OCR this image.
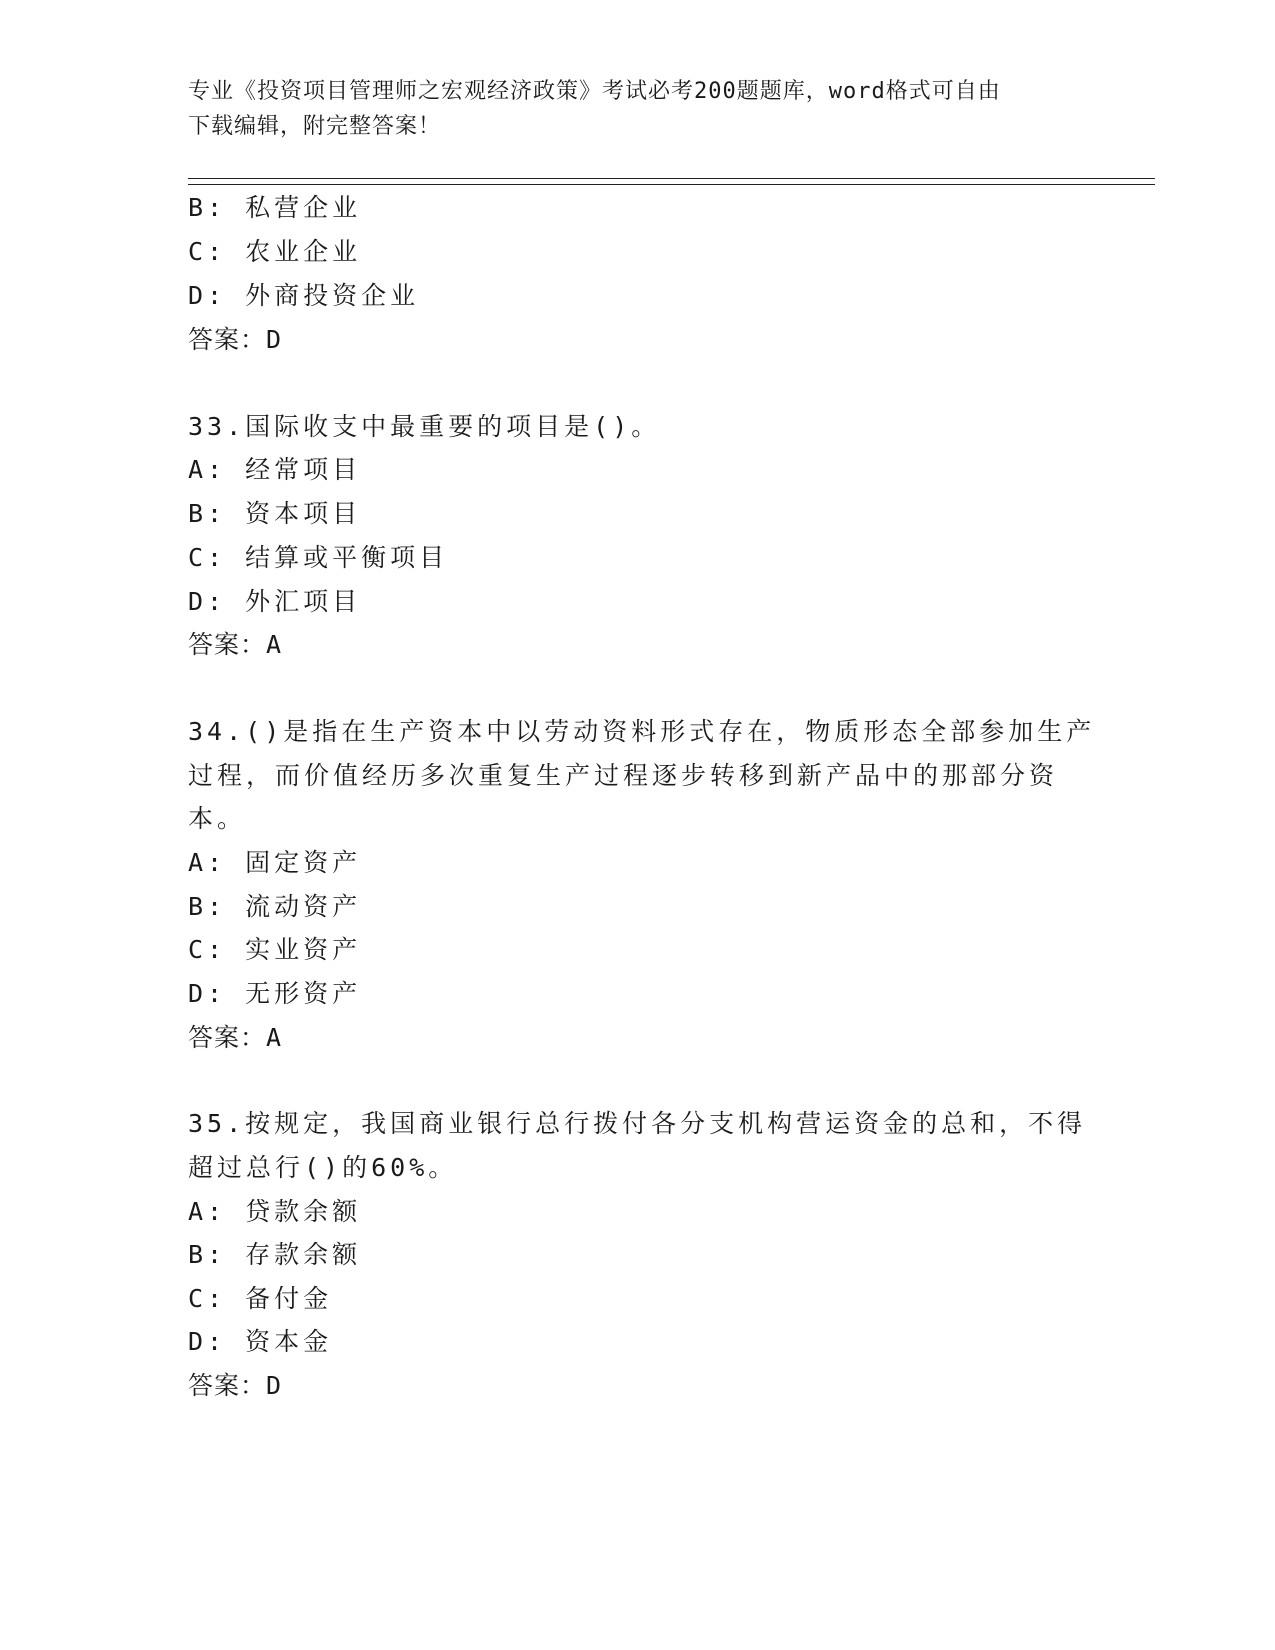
专业《投资项目管理师之宏观经济政策》考试必考200题题库，word格式可自由
下载编辑，附完整答案！
B: 私营企业
C: 农业企业
D: 外商投资企业
答案：D
33.国际收支中最重要的项目是()。
A: 经常项目
B: 资本项目
C: 结算或平衡项目
D: 外汇项目
答案：A
34.()是指在生产资本中以劳动资料形式存在，物质形态全部参加生产
过程，而价值经历多次重复生产过程逐步转移到新产品中的那部分资
本。
A: 固定资产
B: 流动资产
C: 实业资产
D: 无形资产
答案：A
35.按规定，我国商业银行总行拨付各分支机构营运资金的总和，不得
超过总行()的60%。
A: 贷款余额
B: 存款余额
C: 备付金
D: 资本金
答案：D
